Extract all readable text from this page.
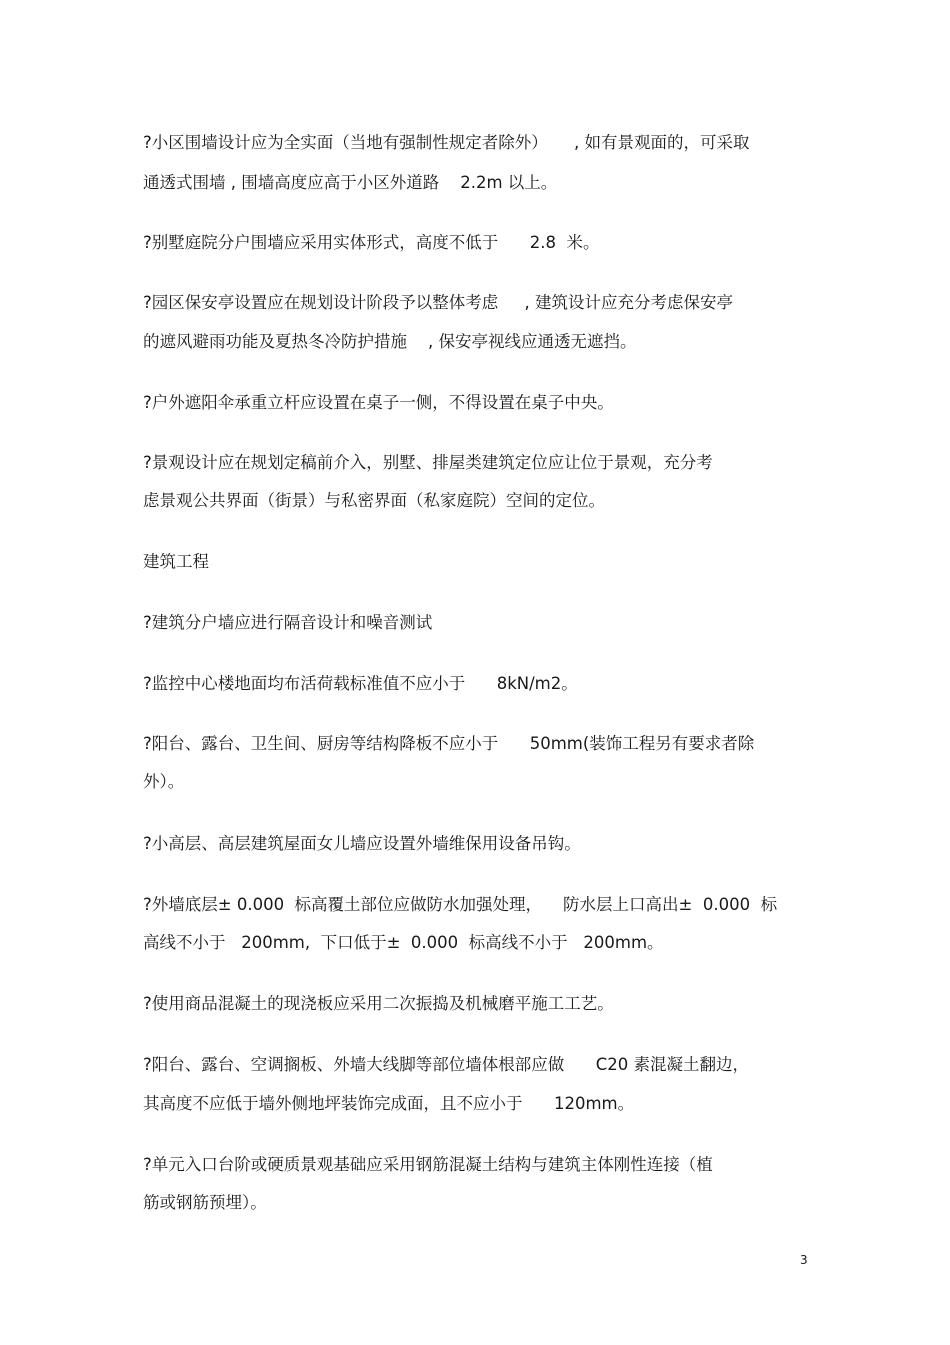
?小区围墙设计应为全实面（当地有强制性规定者除外）     , 如有景观面的，可采取
通透式围墙 , 围墙高度应高于小区外道路    2.2m 以上。
?别墅庭院分户围墙应采用实体形式，高度不低于      2.8  米。
?园区保安亭设置应在规划设计阶段予以整体考虑     , 建筑设计应充分考虑保安亭
的遮风避雨功能及夏热冬冷防护措施    , 保安亭视线应通透无遮挡。
?户外遮阳伞承重立杆应设置在桌子一侧，不得设置在桌子中央。
?景观设计应在规划定稿前介入，别墅、排屋类建筑定位应让位于景观，充分考
虑景观公共界面（街景）与私密界面（私家庭院）空间的定位。
建筑工程
?建筑分户墙应进行隔音设计和噪音测试
?监控中心楼地面均布活荷载标准值不应小于      8kN/m2。
?阳台、露台、卫生间、厨房等结构降板不应小于      50mm(装饰工程另有要求者除
外）。
?小高层、高层建筑屋面女儿墙应设置外墙维保用设备吊钩。
?外墙底层± 0.000  标高覆土部位应做防水加强处理，    防水层上口高出±  0.000  标
高线不小于   200mm,  下口低于±  0.000  标高线不小于   200mm。
?使用商品混凝土的现浇板应采用二次振捣及机械磨平施工工艺。
?阳台、露台、空调搁板、外墙大线脚等部位墙体根部应做      C20 素混凝土翻边，
其高度不应低于墙外侧地坪装饰完成面，且不应小于      120mm。
?单元入口台阶或硬质景观基础应采用钢筋混凝土结构与建筑主体刚性连接（植
筋或钢筋预埋）。
3
